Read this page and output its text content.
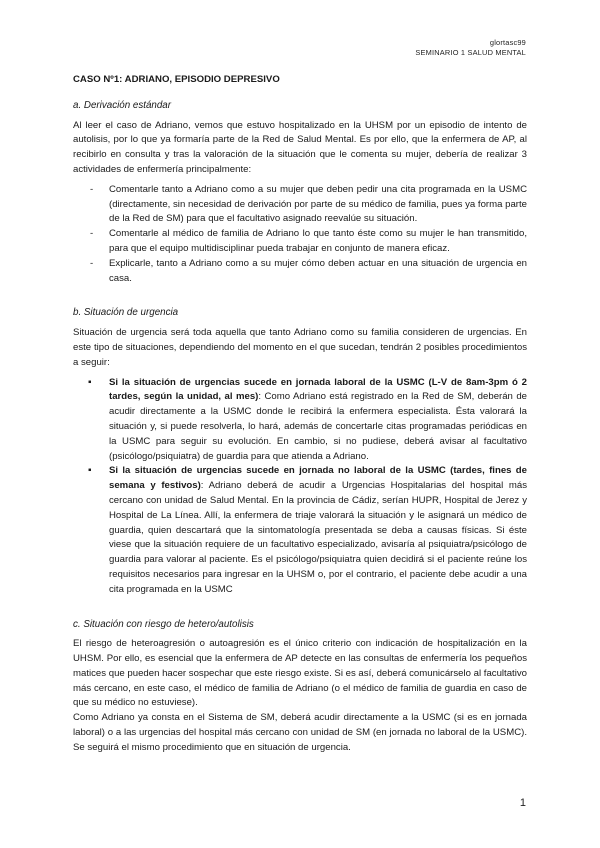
glortasc99
SEMINARIO 1 SALUD MENTAL

CASO Nº1: ADRIANO, EPISODIO DEPRESIVO

a. Derivación estándar

Al leer el caso de Adriano, vemos que estuvo hospitalizado en la UHSM por un episodio de intento de autolisis, por lo que ya formaría parte de la Red de Salud Mental. Es por ello, que la enfermera de AP, al recibirlo en consulta y tras la valoración de la situación que le comenta su mujer, debería de realizar 3 actividades de enfermería principalmente:

- Comentarle tanto a Adriano como a su mujer que deben pedir una cita programada en la USMC (directamente, sin necesidad de derivación por parte de su médico de familia, pues ya forma parte de la Red de SM) para que el facultativo asignado reevalúe su situación.
- Comentarle al médico de familia de Adriano lo que tanto éste como su mujer le han transmitido, para que el equipo multidisciplinar pueda trabajar en conjunto de manera eficaz.
- Explicarle, tanto a Adriano como a su mujer cómo deben actuar en una situación de urgencia en casa.
b. Situación de urgencia

Situación de urgencia será toda aquella que tanto Adriano como su familia consideren de urgencias. En este tipo de situaciones, dependiendo del momento en el que sucedan, tendrán 2 posibles procedimientos a seguir:

▪ Si la situación de urgencias sucede en jornada laboral de la USMC (L-V de 8am-3pm ó 2 tardes, según la unidad, al mes): Como Adriano está registrado en la Red de SM, deberán de acudir directamente a la USMC donde le recibirá la enfermera especialista. Ésta valorará la situación y, si puede resolverla, lo hará, además de concertarle citas programadas periódicas en la USMC para seguir su evolución. En cambio, si no pudiese, deberá avisar al facultativo (psicólogo/psiquiatra) de guardia para que atienda a Adriano.
▪ Si la situación de urgencias sucede en jornada no laboral de la USMC (tardes, fines de semana y festivos): Adriano deberá de acudir a Urgencias Hospitalarias del hospital más cercano con unidad de Salud Mental. En la provincia de Cádiz, serían HUPR, Hospital de Jerez y Hospital de La Línea. Allí, la enfermera de triaje valorará la situación y le asignará un médico de guardia, quien descartará que la sintomatología presentada se deba a causas físicas. Si éste viese que la situación requiere de un facultativo especializado, avisaría al psiquiatra/psicólogo de guardia para valorar al paciente. Es el psicólogo/psiquiatra quien decidirá si el paciente reúne los requisitos necesarios para ingresar en la UHSM o, por el contrario, el paciente debe acudir a una cita programada en la USMC
c. Situación con riesgo de hetero/autolisis

El riesgo de heteroagresión o autoagresión es el único criterio con indicación de hospitalización en la UHSM. Por ello, es esencial que la enfermera de AP detecte en las consultas de enfermería los pequeños matices que pueden hacer sospechar que este riesgo existe. Si es así, deberá comunicárselo al facultativo más cercano, en este caso, el médico de familia de Adriano (o el médico de familia de guardia en caso de que su médico no estuviese).

Como Adriano ya consta en el Sistema de SM, deberá acudir directamente a la USMC (si es en jornada laboral) o a las urgencias del hospital más cercano con unidad de SM (en jornada no laboral de la USMC). Se seguirá el mismo procedimiento que en situación de urgencia.

1
